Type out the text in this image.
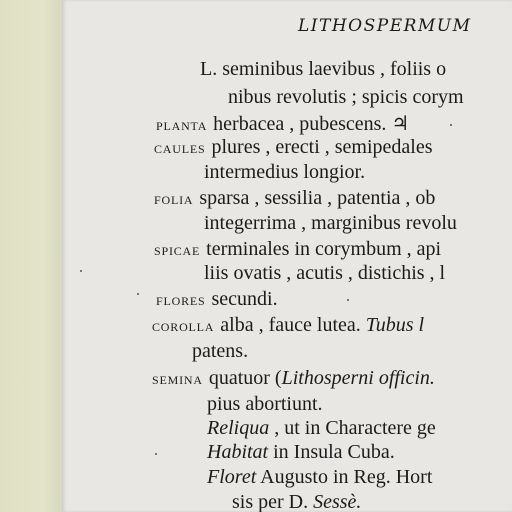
LITHOSPERMUM
L. seminibus laevibus , foliis o
nibus revolutis ; spicis corym
PLANTA herbacea , pubescens. ♃
CAULES plures , erecti , semipedales
intermedius longior.
FOLIA sparsa , sessilia , patentia , ob
integerrima , marginibus revolu
SPICAE terminales in corymbum , api
liis ovatis , acutis , distichis , l
FLORES secundi.
COROLLA alba , fauce lutea. Tubus l
patens.
SEMINA quatuor (Lithosperni officin.
pius abortiunt.
Reliqua , ut in Charactere ge
Habitat in Insula Cuba.
Floret Augusto in Reg. Hort
sis per D. Sessè.
